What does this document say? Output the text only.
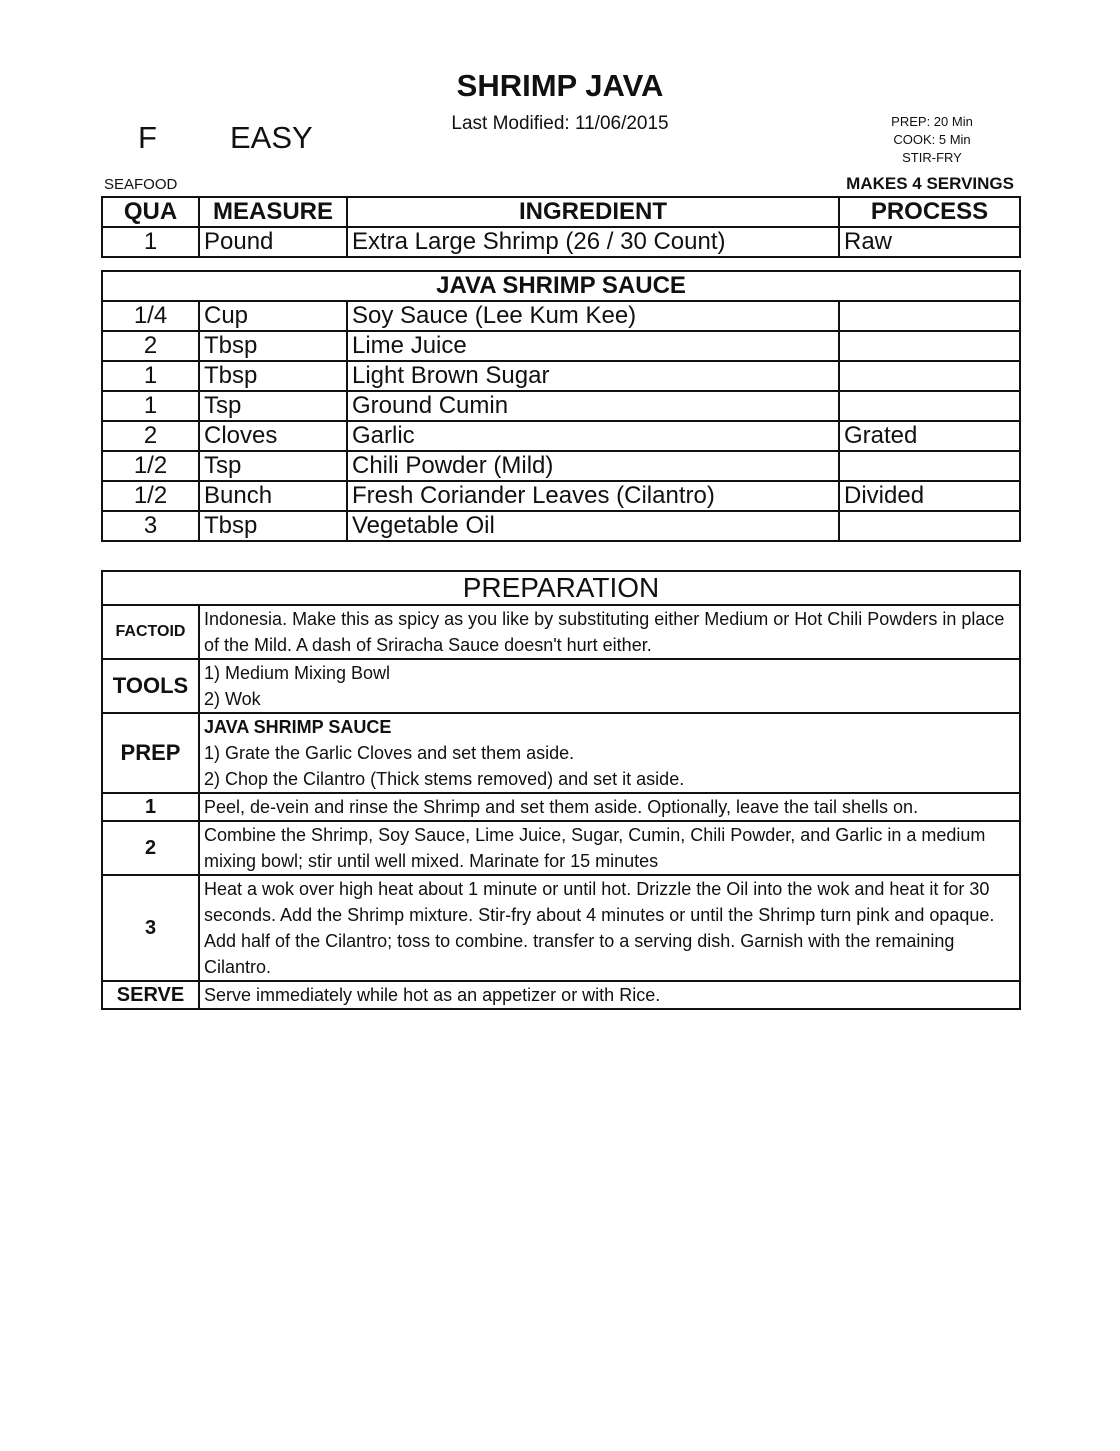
SHRIMP JAVA
Last Modified: 11/06/2015
F EASY	PREP: 20 Min
COOK: 5 Min
STIR-FRY
SEAFOOD	MAKES 4 SERVINGS
QUA	MEASURE	INGREDIENT	PROCESS
1	Pound	Extra Large Shrimp (26 / 30 Count)	Raw
JAVA SHRIMP SAUCE			
1/4	Cup	Soy Sauce (Lee Kum Kee)	
2	Tbsp	Lime Juice	
1	Tbsp	Light Brown Sugar	
1	Tsp	Ground Cumin	
2	Cloves	Garlic	Grated
1/2	Tsp	Chili Powder (Mild)	
1/2	Bunch	Fresh Coriander Leaves (Cilantro)	Divided
3	Tbsp	Vegetable Oil	
PREPARATION	
FACTOID	Indonesia. Make this as spicy as you like by substituting either Medium or Hot Chili Powders in place of the Mild. A dash of Sriracha Sauce doesn't hurt either.
TOOLS	1) Medium Mixing Bowl
2) Wok

PREP	JAVA SHRIMP SAUCE
1) Grate the Garlic Cloves and set them aside.
2) Chop the Cilantro (Thick stems removed) and set it aside.

1	Peel, de-vein and rinse the Shrimp and set them aside. Optionally, leave the tail shells on.
2	Combine the Shrimp, Soy Sauce, Lime Juice, Sugar, Cumin, Chili Powder, and Garlic in a medium mixing bowl; stir until well mixed. Marinate for 15 minutes
3	Heat a wok over high heat about 1 minute or until hot. Drizzle the Oil into the wok and heat it for 30 seconds. Add the Shrimp mixture. Stir-fry about 4 minutes or until the Shrimp turn pink and opaque. Add half of the Cilantro; toss to combine. transfer to a serving dish. Garnish with the remaining Cilantro.
SERVE	Serve immediately while hot as an appetizer or with Rice.
